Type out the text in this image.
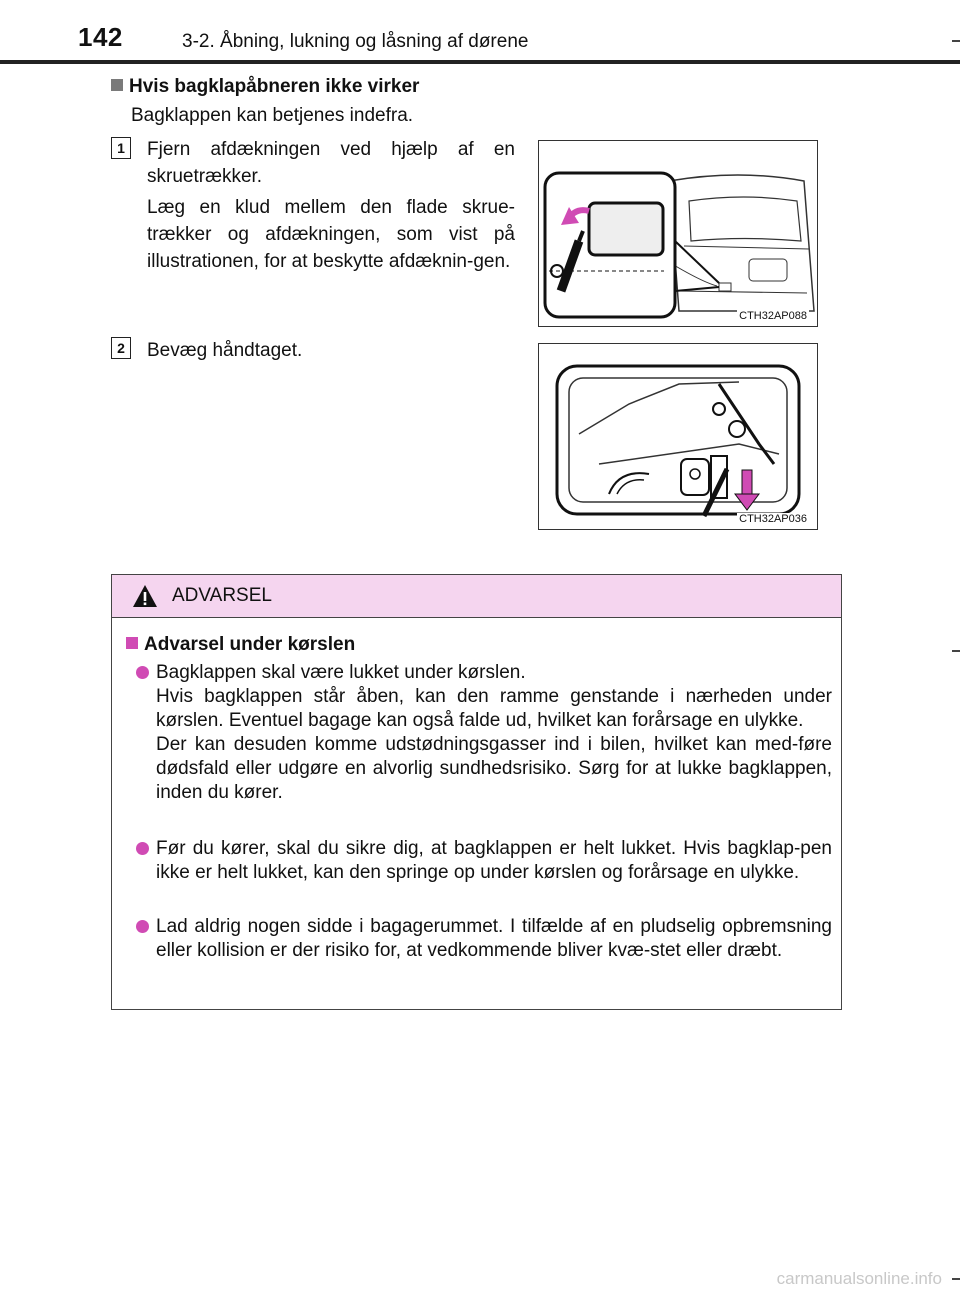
142	3-2. Åbning, lukning og låsning af dørene
Hvis bagklapåbneren ikke virker
Bagklappen kan betjenes indefra.
1	Fjern afdækningen ved hjælp af en skruetrækker.
Læg en klud mellem den flade skrue-trækker og afdækningen, som vist på illustrationen, for at beskytte afdæknin-gen.
CTH32AP088
2	Bevæg håndtaget.
CTH32AP036
ADVARSEL
Advarsel under kørslen

Bagklappen skal være lukket under kørslen.

Hvis bagklappen står åben, kan den ramme genstande i nærheden under kørslen. Eventuel bagage kan også falde ud, hvilket kan forårsage en ulykke.

Der kan desuden komme udstødningsgasser ind i bilen, hvilket kan med-føre dødsfald eller udgøre en alvorlig sundhedsrisiko. Sørg for at lukke bagklappen, inden du kører.

Før du kører, skal du sikre dig, at bagklappen er helt lukket. Hvis bagklap-pen ikke er helt lukket, kan den springe op under kørslen og forårsage en ulykke.

Lad aldrig nogen sidde i bagagerummet. I tilfælde af en pludselig opbremsning eller kollision er der risiko for, at vedkommende bliver kvæ-stet eller dræbt.

carmanualsonline.info
